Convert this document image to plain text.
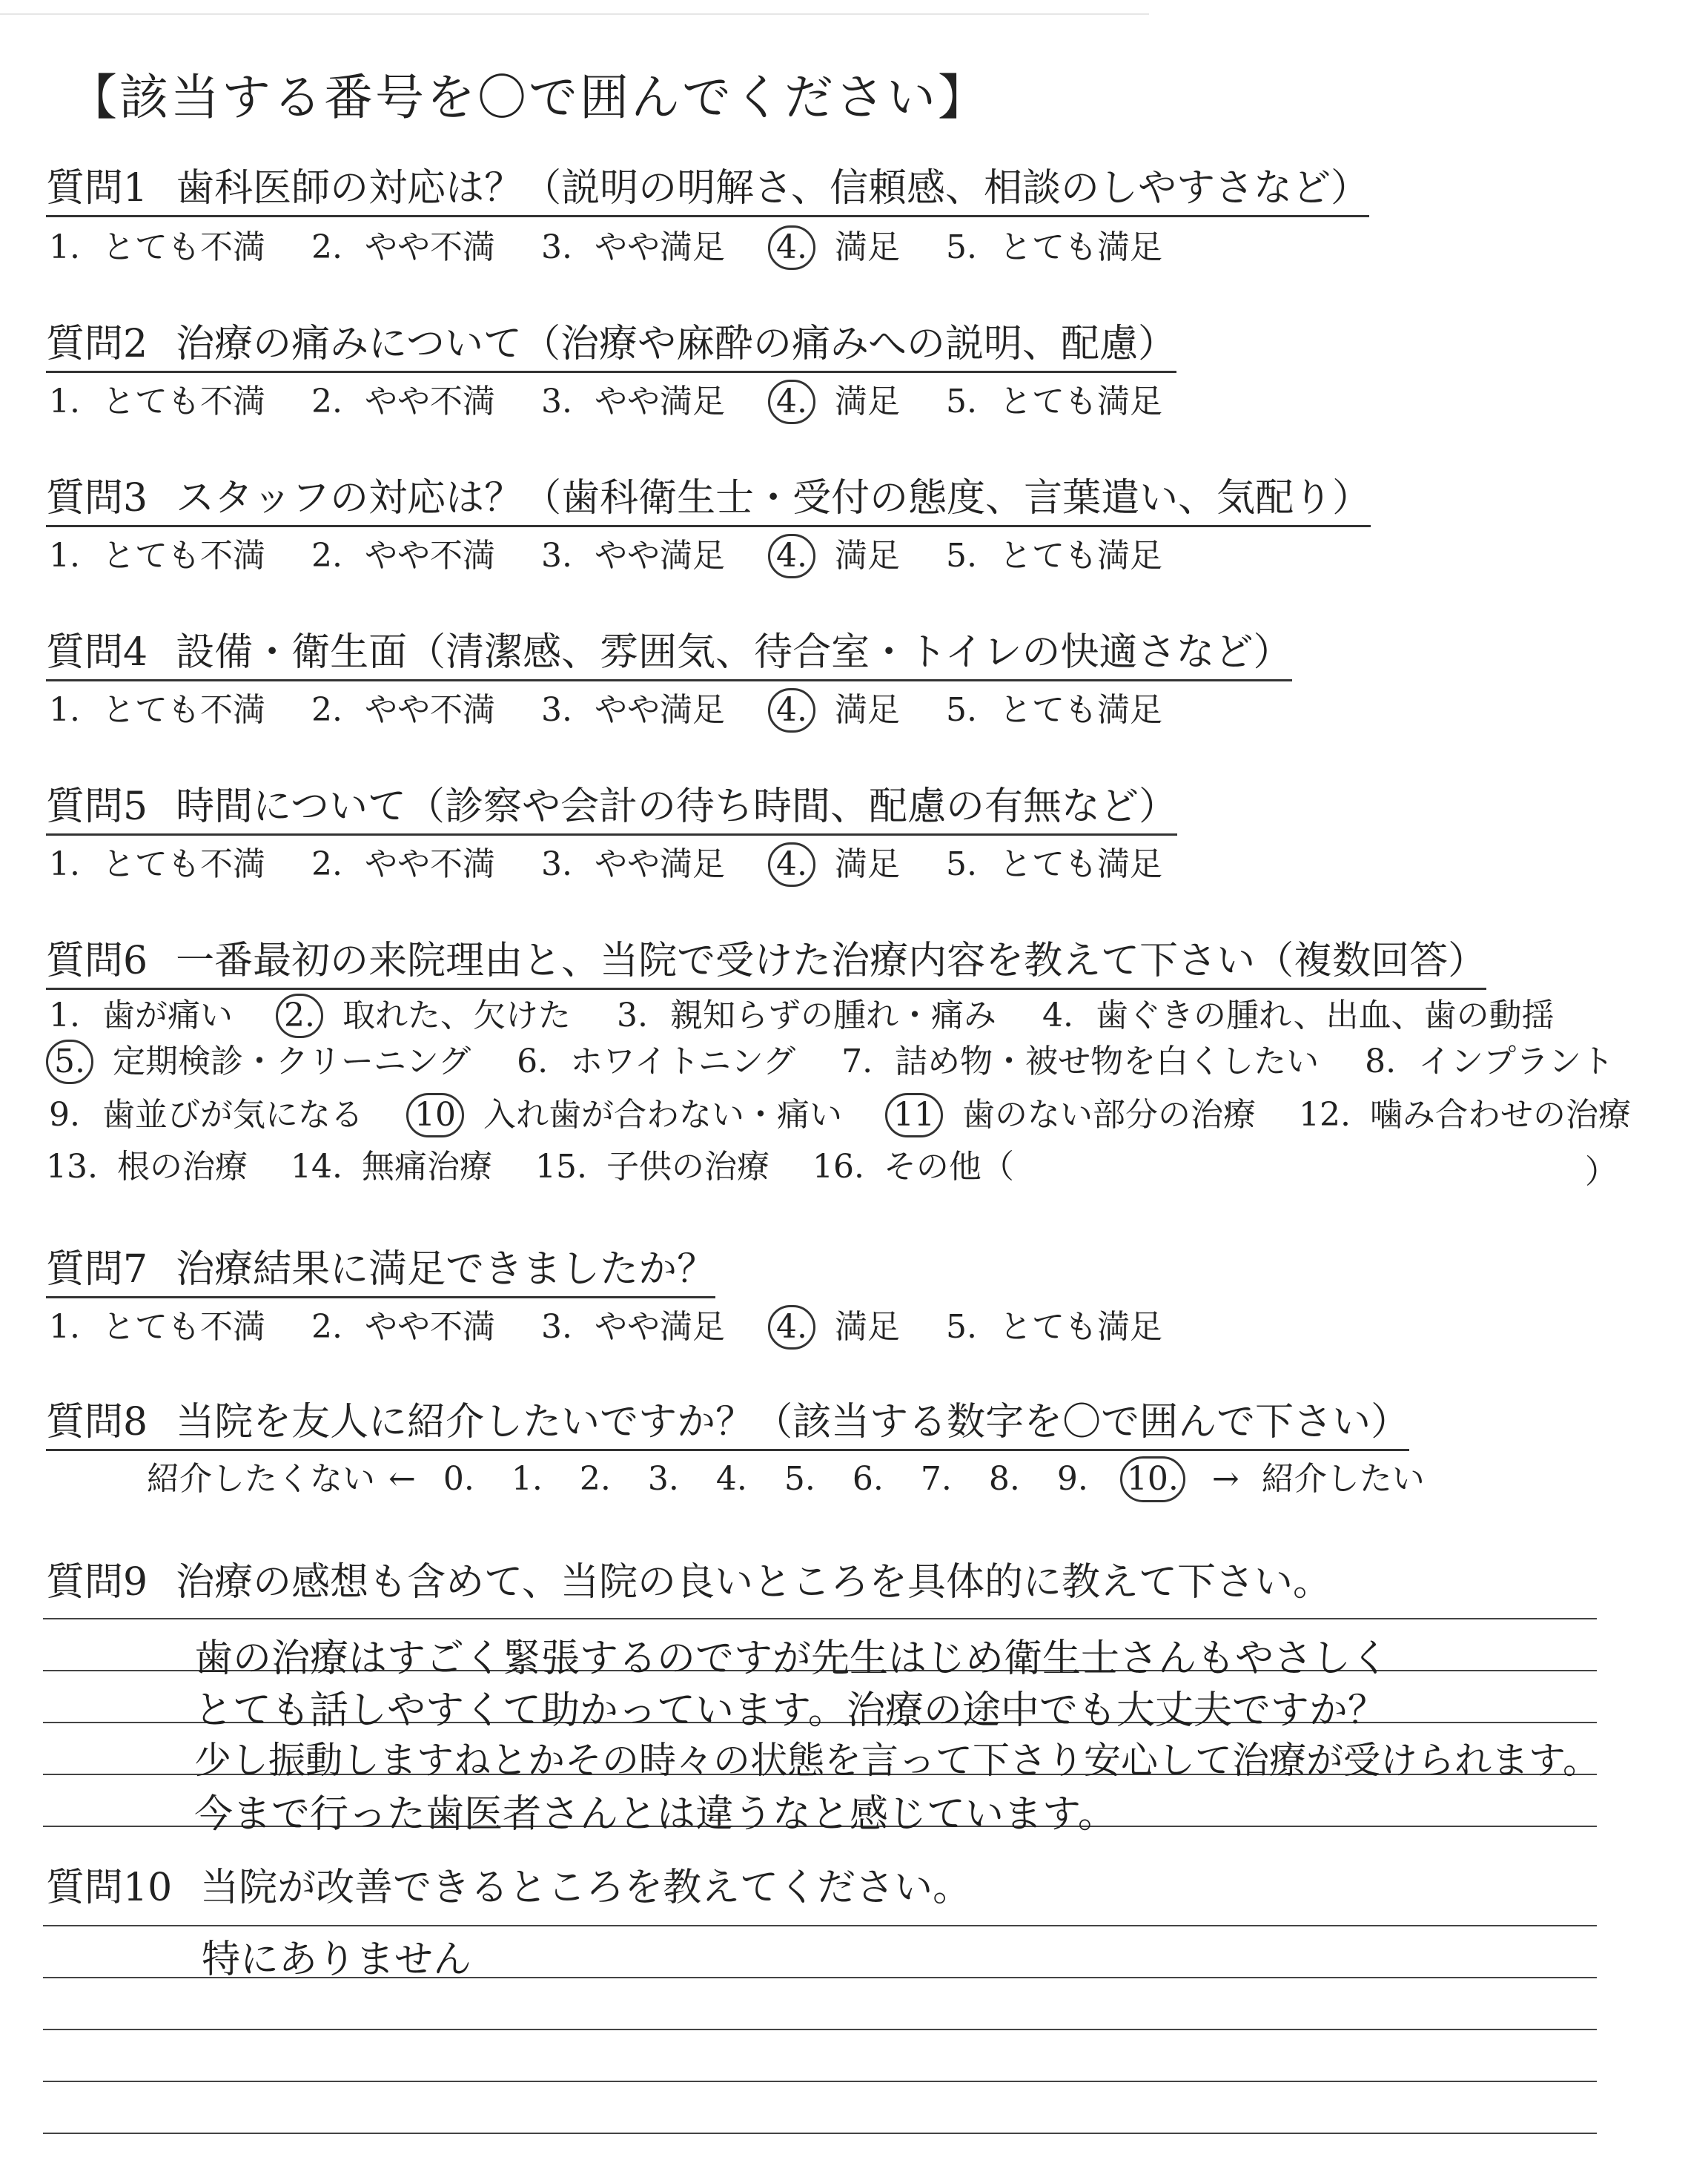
【該当する番号を〇で囲んでください】
質問1 歯科医師の対応は？（説明の明解さ、信頼感、相談のしやすさなど）
1. とても不満 2. やや不満 3. やや満足 4. 満足 5. とても満足
質問2 治療の痛みについて（治療や麻酔の痛みへの説明、配慮）
1. とても不満 2. やや不満 3. やや満足 4. 満足 5. とても満足
質問3 スタッフの対応は？（歯科衛生士・受付の態度、言葉遣い、気配り）
1. とても不満 2. やや不満 3. やや満足 4. 満足 5. とても満足
質問4 設備・衛生面（清潔感、雰囲気、待合室・トイレの快適さなど）
1. とても不満 2. やや不満 3. やや満足 4. 満足 5. とても満足
質問5 時間について（診察や会計の待ち時間、配慮の有無など）
1. とても不満 2. やや不満 3. やや満足 4. 満足 5. とても満足
質問6 一番最初の来院理由と、当院で受けた治療内容を教えて下さい（複数回答）
1. 歯が痛い 2. 取れた、欠けた 3. 親知らずの腫れ・痛み 4. 歯ぐきの腫れ、出血、歯の動揺
5. 定期検診・クリーニング 6. ホワイトニング 7. 詰め物・被せ物を白くしたい 8. インプラント
9. 歯並びが気になる 10 入れ歯が合わない・痛い 11 歯のない部分の治療 12. 噛み合わせの治療
13. 根の治療 14. 無痛治療 15. 子供の治療 16. その他（	）
質問7 治療結果に満足できましたか？
1. とても不満 2. やや不満 3. やや満足 4. 満足 5. とても満足
質問8 当院を友人に紹介したいですか？（該当する数字を〇で囲んで下さい）
紹介したくない ← 0. 1. 2. 3. 4. 5. 6. 7. 8. 9. 10. → 紹介したい
質問9 治療の感想も含めて、当院の良いところを具体的に教えて下さい。
歯の治療はすごく緊張するのですが先生はじめ衛生士さんもやさしく
とても話しやすくて助かっています。治療の途中でも大丈夫ですか？
少し振動しますねとかその時々の状態を言って下さり安心して治療が受けられます。
今まで行った歯医者さんとは違うなと感じています。
質問10 当院が改善できるところを教えてください。
特にありません
